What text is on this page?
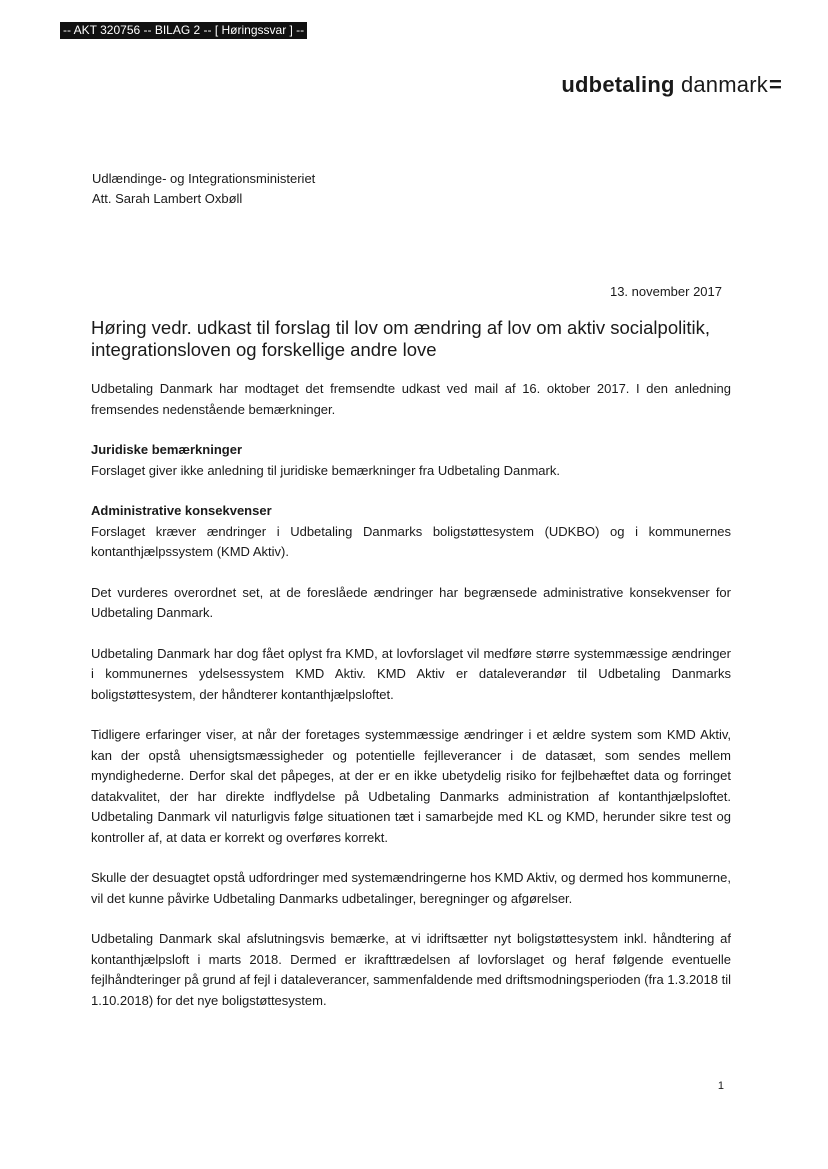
-- AKT 320756 -- BILAG 2 -- [ Høringssvar ] --
udbetaling danmark=
Udlændinge- og Integrationsministeriet
Att. Sarah Lambert Oxbøll
13. november 2017
Høring vedr. udkast til forslag til lov om ændring af lov om aktiv socialpolitik, integrationsloven og forskellige andre love

Udbetaling Danmark har modtaget det fremsendte udkast ved mail af 16. oktober 2017. I den anledning fremsendes nedenstående bemærkninger.

Juridiske bemærkninger

Forslaget giver ikke anledning til juridiske bemærkninger fra Udbetaling Danmark.

Administrative konsekvenser

Forslaget kræver ændringer i Udbetaling Danmarks boligstøttesystem (UDKBO) og i kommunernes kontanthjælpssystem (KMD Aktiv).

Det vurderes overordnet set, at de foreslåede ændringer har begrænsede administrative konsekvenser for Udbetaling Danmark.

Udbetaling Danmark har dog fået oplyst fra KMD, at lovforslaget vil medføre større systemmæssige ændringer i kommunernes ydelsessystem KMD Aktiv. KMD Aktiv er dataleverandør til Udbetaling Danmarks boligstøttesystem, der håndterer kontanthjælpsloftet.

Tidligere erfaringer viser, at når der foretages systemmæssige ændringer i et ældre system som KMD Aktiv, kan der opstå uhensigtsmæssigheder og potentielle fejlleverancer i de datasæt, som sendes mellem myndighederne. Derfor skal det påpeges, at der er en ikke ubetydelig risiko for fejlbehæftet data og forringet datakvalitet, der har direkte indflydelse på Udbetaling Danmarks administration af kontanthjælpsloftet. Udbetaling Danmark vil naturligvis følge situationen tæt i samarbejde med KL og KMD, herunder sikre test og kontroller af, at data er korrekt og overføres korrekt.

Skulle der desuagtet opstå udfordringer med systemændringerne hos KMD Aktiv, og dermed hos kommunerne, vil det kunne påvirke Udbetaling Danmarks udbetalinger, beregninger og afgørelser.

Udbetaling Danmark skal afslutningsvis bemærke, at vi idriftsætter nyt boligstøttesystem inkl. håndtering af kontanthjælpsloft i marts 2018. Dermed er ikrafttrædelsen af lovforslaget og heraf følgende eventuelle fejlhåndteringer på grund af fejl i dataleverancer, sammenfaldende med driftsmodningsperioden (fra 1.3.2018 til 1.10.2018) for det nye boligstøttesystem.

1
